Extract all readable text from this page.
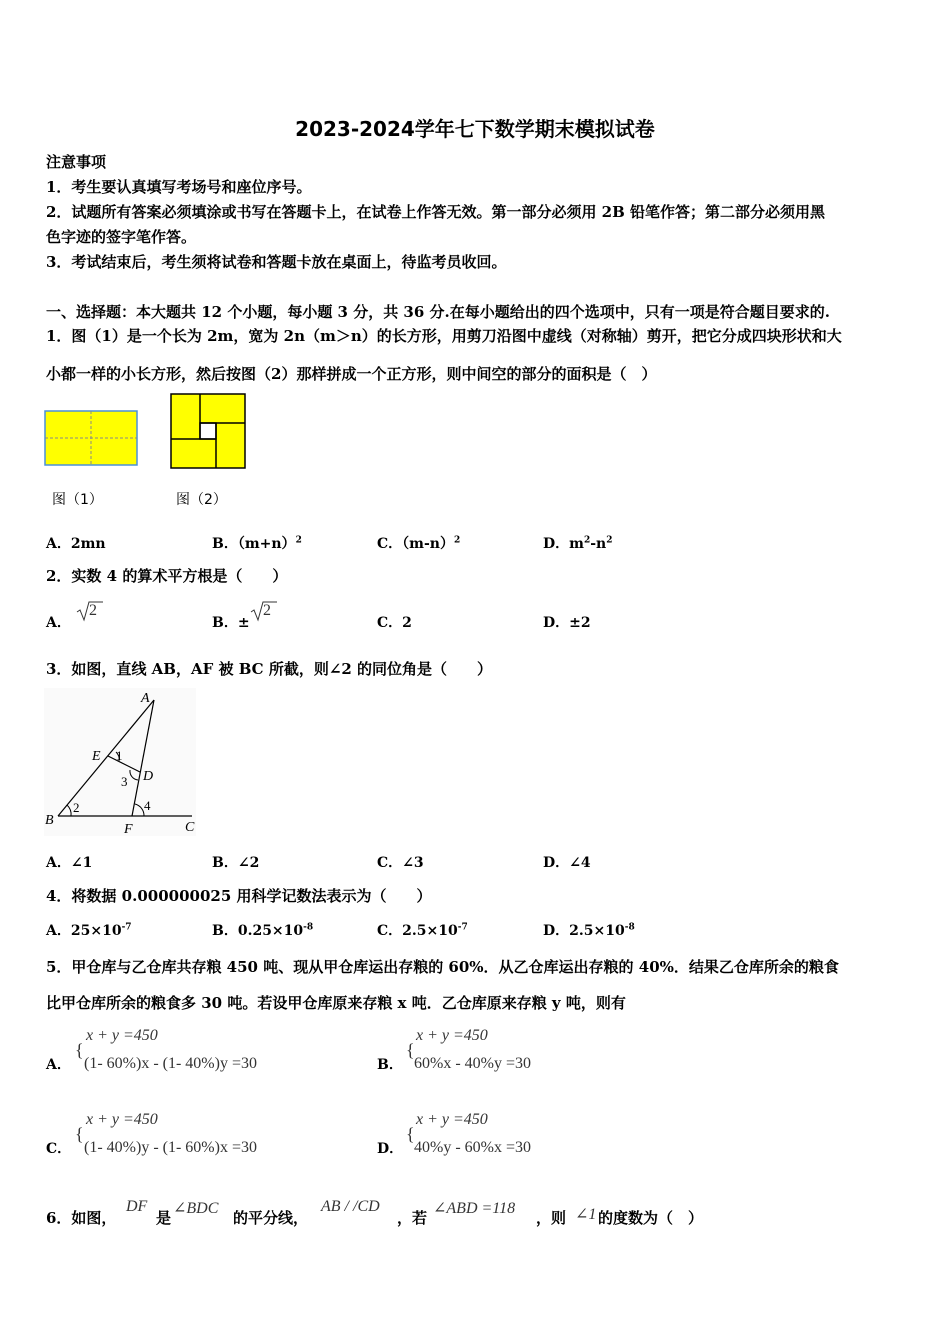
2023-2024学年七下数学期末模拟试卷
注意事项
1．考生要认真填写考场号和座位序号。
2．试题所有答案必须填涂或书写在答题卡上，在试卷上作答无效。第一部分必须用 2B 铅笔作答；第二部分必须用黑
色字迹的签字笔作答。
3．考试结束后，考生须将试卷和答题卡放在桌面上，待监考员收回。
一、选择题：本大题共 12 个小题，每小题 3 分，共 36 分.在每小题给出的四个选项中，只有一项是符合题目要求的.
1．图（1）是一个长为 2m，宽为 2n（m＞n）的长方形，用剪刀沿图中虚线（对称轴）剪开，把它分成四块形状和大
小都一样的小长方形，然后按图（2）那样拼成一个正方形，则中间空的部分的面积是（　）
图（1）	图（2）
A．2mn	B．$(m+n)^2$	C．$(m-n)^2$	D．$m^2-n^2$
2．实数 4 的算术平方根是（　　）
A．
2
B．±
2
C．2	D．±2
3．如图，直线 AB，AF 被 BC 所截，则∠2 的同位角是（　　）
A
B	C
D
E
F
1
2
3
4
A．∠1	B．∠2	C．∠3	D．∠4
4．将数据 0.000000025 用科学记数法表示为（　　）
A．$25\times 10^{-7}$	B．$0.25\times 10^{-8}$	C．$2.5\times 10^{-7}$	D．$2.5\times 10^{-8}$
5．甲仓库与乙仓库共存粮 450 吨、现从甲仓库运出存粮的 60%．从乙仓库运出存粮的 40%．结果乙仓库所余的粮食
比甲仓库所余的粮食多 30 吨。若设甲仓库原来存粮 x 吨．乙仓库原来存粮 y 吨，则有
A．
{
x + y =450
(1- 60%)x - (1- 40%)y =30	B．
{
x + y =450
60%x - 40%y =30
C．
{
x + y =450
(1- 40%)y - (1- 60%)x =30	D．
{
x + y =450
40%y - 60%x =30
6．如图，
DF
是
∠BDC
的平分线，
AB / /CD
，若
∠ABD =118
，则 ∠1 的度数为（　）
